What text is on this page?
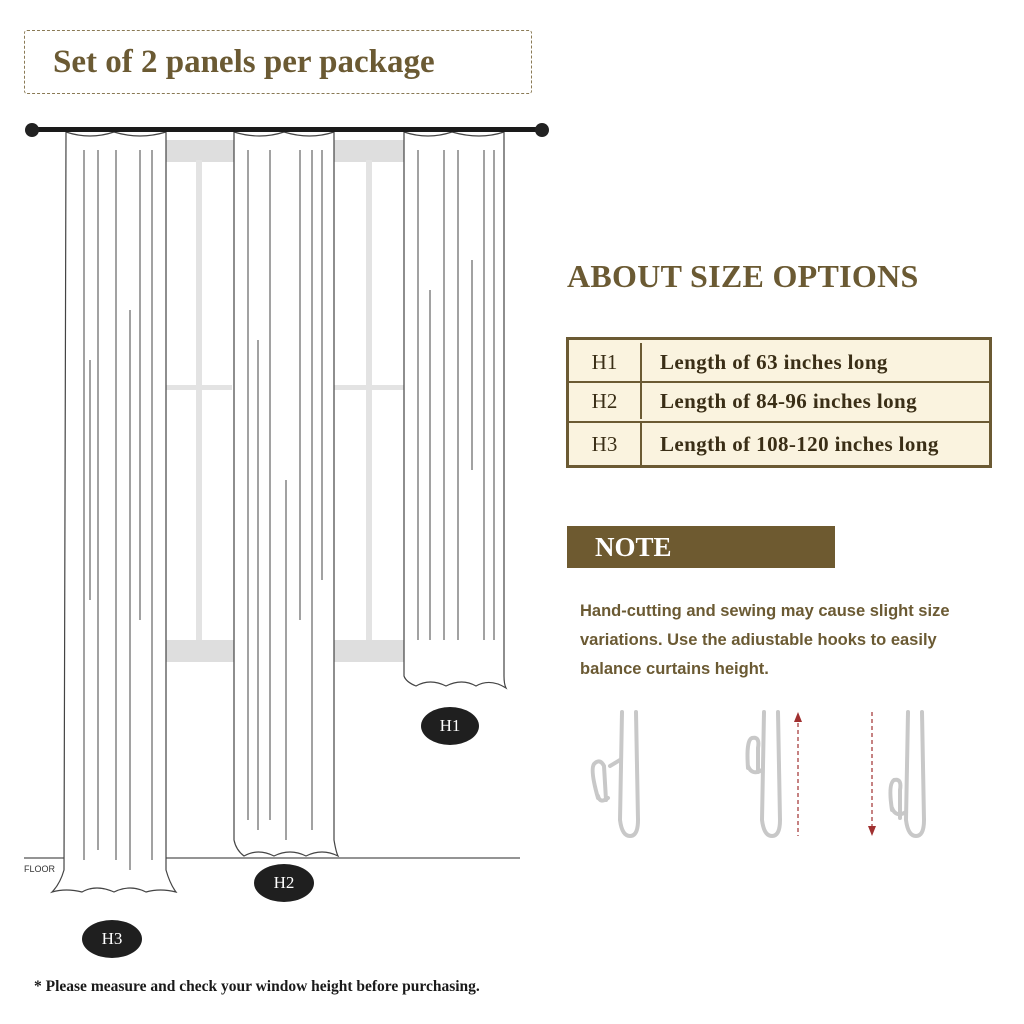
Set of 2 panels per package
FLOOR
H1
H2
H3
ABOUT SIZE OPTIONS
H1	Length of 63 inches long
H2	Length of 84-96 inches long
H3	Length of 108-120 inches long
NOTE
Hand-cutting and sewing may cause slight size variations. Use the adiustable hooks to easily balance curtains height.
* Please measure and check your window height before purchasing.
